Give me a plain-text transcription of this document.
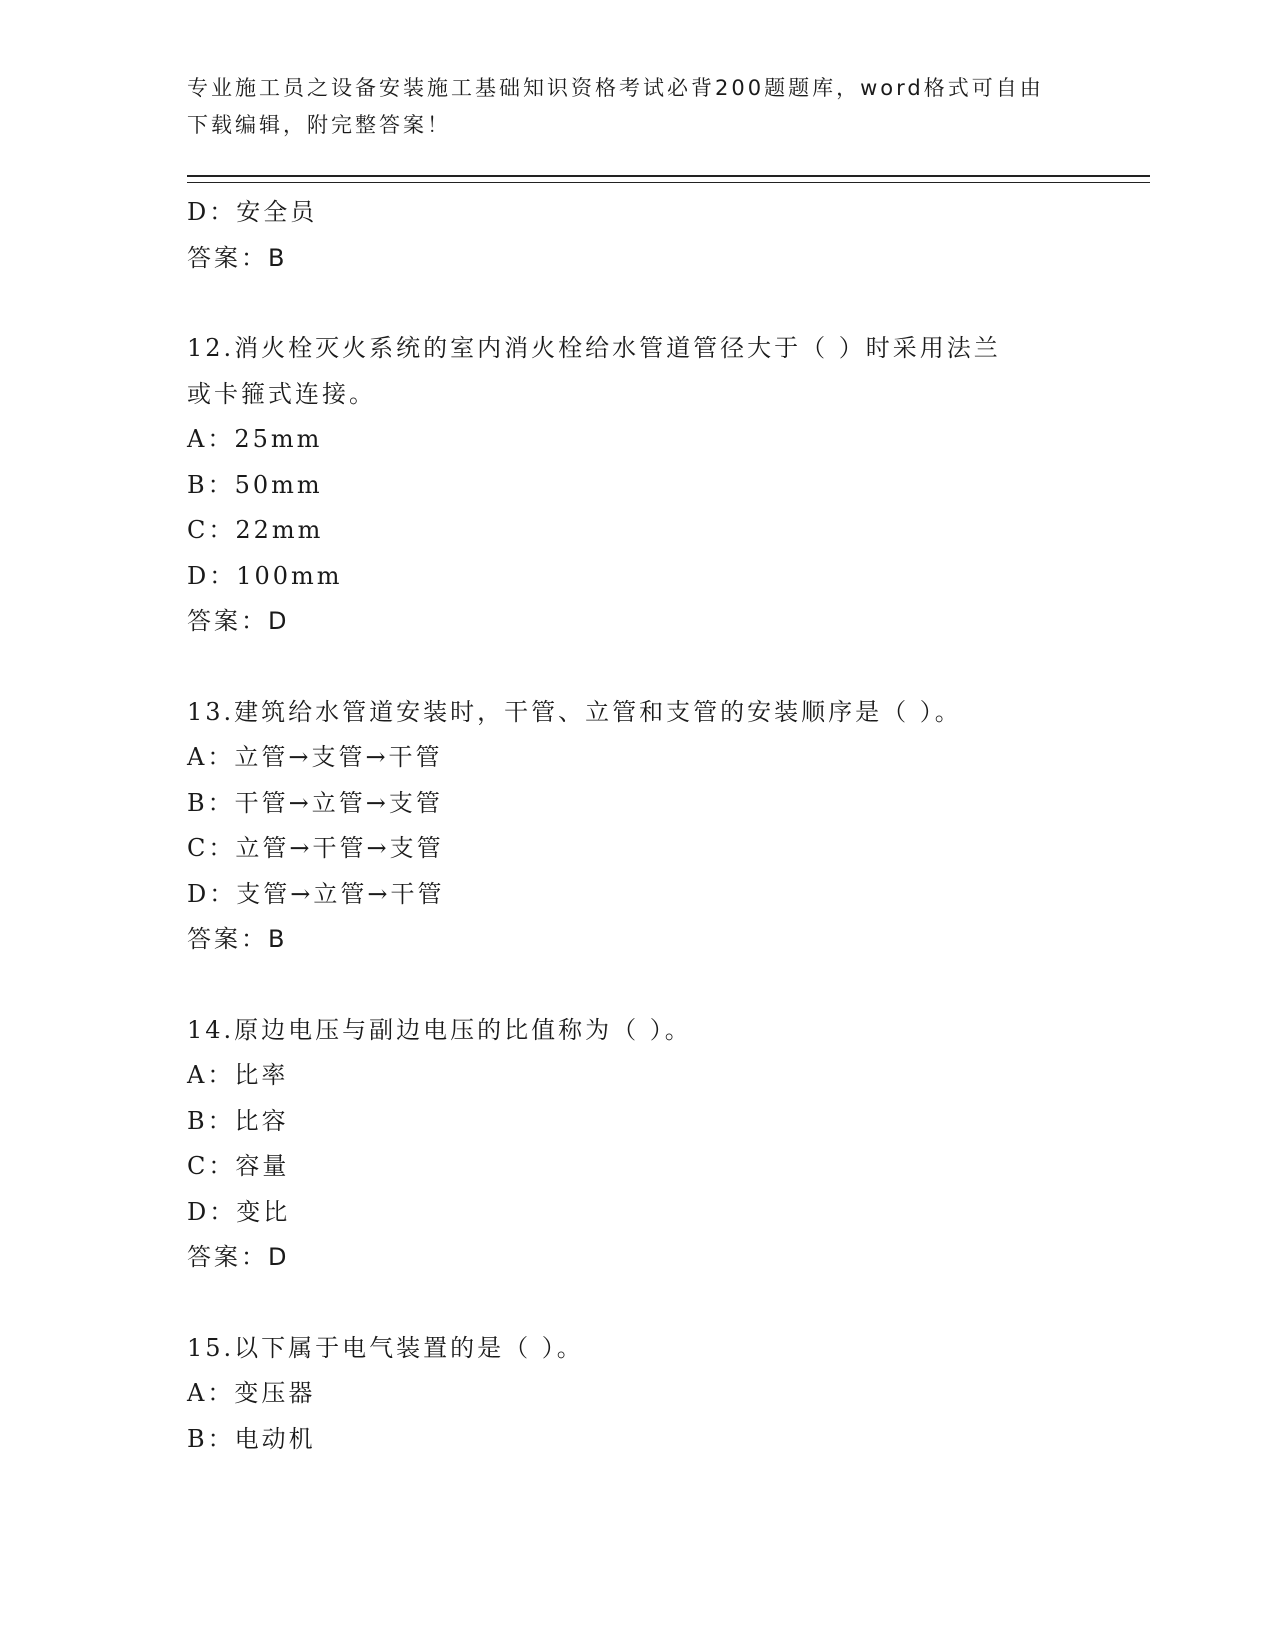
专业施工员之设备安装施工基础知识资格考试必背200题题库，word格式可自由
下载编辑，附完整答案！
D：安全员
答案：B
12.消火栓灭火系统的室内消火栓给水管道管径大于（ ）时采用法兰
或卡箍式连接。
A：25mm
B：50mm
C：22mm
D：100mm
答案：D
13.建筑给水管道安装时，干管、立管和支管的安装顺序是（ ）。
A：立管→支管→干管
B：干管→立管→支管
C：立管→干管→支管
D：支管→立管→干管
答案：B
14.原边电压与副边电压的比值称为（ ）。
A：比率
B：比容
C：容量
D：变比
答案：D
15.以下属于电气装置的是（ ）。
A：变压器
B：电动机
